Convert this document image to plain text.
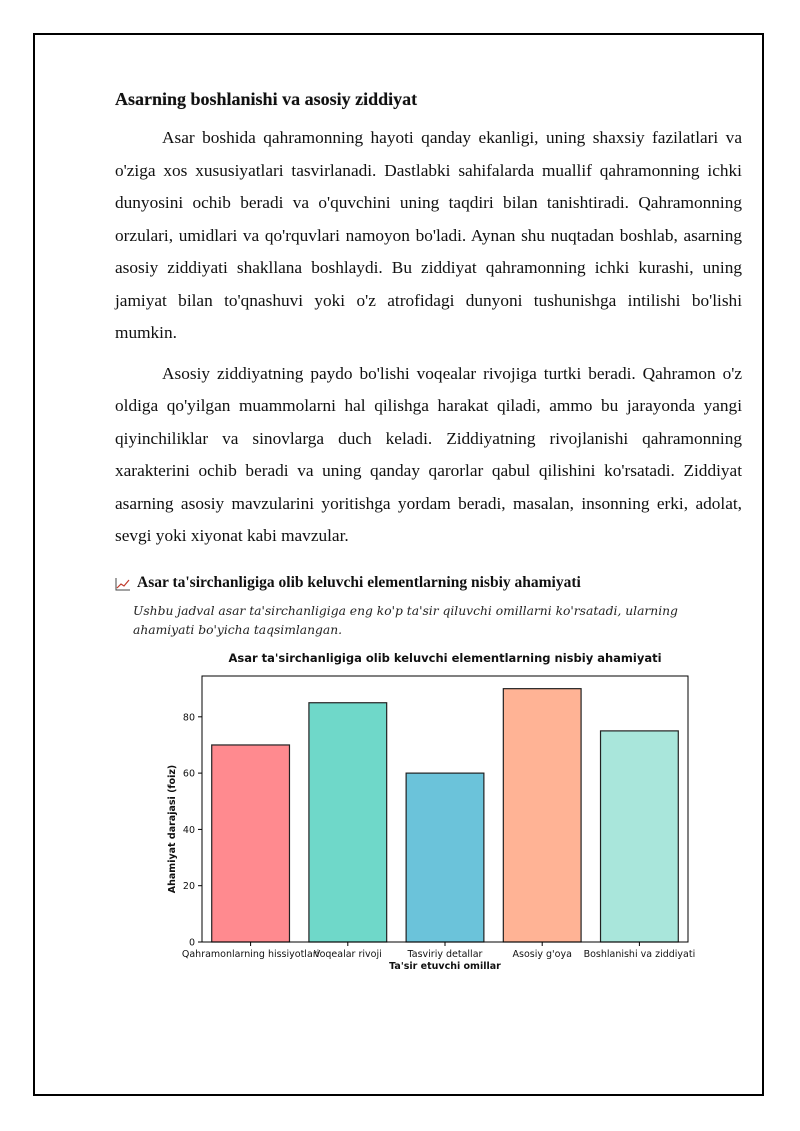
Asarning boshlanishi va asosiy ziddiyat

Asar boshida qahramonning hayoti qanday ekanligi, uning shaxsiy fazilatlari va o'ziga xos xususiyatlari tasvirlanadi. Dastlabki sahifalarda muallif qahramonning ichki dunyosini ochib beradi va o'quvchini uning taqdiri bilan tanishtiradi. Qahramonning orzulari, umidlari va qo'rquvlari namoyon bo'ladi. Aynan shu nuqtadan boshlab, asarning asosiy ziddiyati shakllana boshlaydi. Bu ziddiyat qahramonning ichki kurashi, uning jamiyat bilan to'qnashuvi yoki o'z atrofidagi dunyoni tushunishga intilishi bo'lishi mumkin.

Asosiy ziddiyatning paydo bo'lishi voqealar rivojiga turtki beradi. Qahramon o'z oldiga qo'yilgan muammolarni hal qilishga harakat qiladi, ammo bu jarayonda yangi qiyinchiliklar va sinovlarga duch keladi. Ziddiyatning rivojlanishi qahramonning xarakterini ochib beradi va uning qanday qarorlar qabul qilishini ko'rsatadi. Ziddiyat asarning asosiy mavzularini yoritishga yordam beradi, masalan, insonning erki, adolat, sevgi yoki xiyonat kabi mavzular.

Asar ta'sirchanligiga olib keluvchi elementlarning nisbiy ahamiyati
Ushbu jadval asar ta'sirchanligiga eng ko'p ta'sir qiluvchi omillarni ko'rsatadi, ularning ahamiyati bo'yicha taqsimlangan.
Asar ta'sirchanligiga olib keluvchi elementlarning nisbiy ahamiyati
Qahramonlarning hissiyotlari
Voqealar rivoji	Tasviriy detallar	Asosiy g'oya Boshlanishi va ziddiyati
0
20
40
60
80
Ta'sir etuvchi omillar
Ahamiyat darajasi (foiz)
